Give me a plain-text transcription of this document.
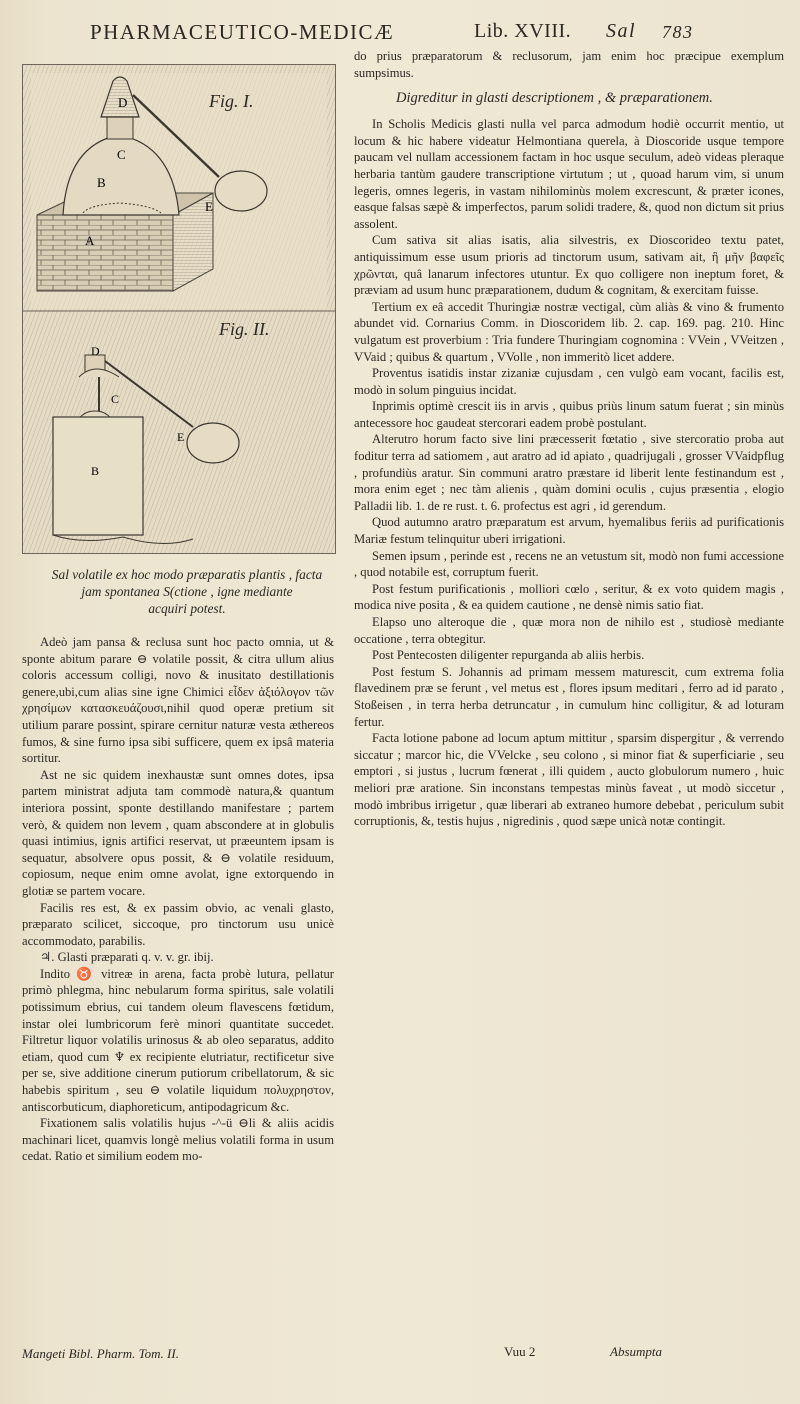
PHARMACEUTICO-MEDICÆ	Lib. XVIII. Sal 783
Fig. I.
D
C
B
E
A
Fig. II.
D
C
B
E

Sal volatile ex hoc modo præparatis plantis , facta

jam spontanea S(ctione , igne mediante

acquiri potest.

Adeò jam pansa & reclusa sunt hoc pacto omnia, ut & sponte abitum parare ⊖ volatile possit, & citra ullum alius coloris accessum colligi, novo & inusitato destillationis genere,ubi,cum alias sine igne Chimici εἶδεν ἀξιόλογον τῶν χρησίμων κατασκευάζουσι,nihil quod operæ pretium sit utilium parare possint, spirare cernitur naturæ vesta æthereos fumos, & sine furno ipsa sibi sufficere, quem ex ipsâ materia sortitur.

Ast ne sic quidem inexhaustæ sunt omnes dotes, ipsa partem ministrat adjuta tam commodè natura,& quantum interiora possint, sponte destillando manifestare ; partem verò, & quidem non levem , quam abscondere at in globulis quasi intimius, ignis artifici reservat, ut præeuntem ipsam is sequatur, absolvere opus possit, & ⊖ volatile residuum, copiosum, neque enim omne avolat, igne extorquendo in glotiæ se partem vocare.

Facilis res est, & ex passim obvio, ac venali glasto, præparato scilicet, siccoque, pro tinctorum usu unicè accommodato, parabilis.

♃. Glasti præparati q. v. v. gr. ibij.

Indito ♉ vitreæ in arena, facta probè lutura, pellatur primò phlegma, hinc nebularum forma spiritus, sale volatili potissimum ebrius, cui tandem oleum flavescens fœtidum, instar olei lumbricorum ferè minori quantitate succedet. Filtretur liquor volatilis urinosus & ab oleo separatus, addito etiam, quod cum ♆ ex recipiente elutriatur, rectificetur sive per se, sive additione cinerum putiorum cribellatorum, & sic habebis spiritum , seu ⊖ volatile liquidum πολυχρηστον, antiscorbuticum, diaphoreticum, antipodagricum &c.

Fixationem salis volatilis hujus -^-ü ⊖li & aliis acidis machinari licet, quamvis longè melius volatili forma in usum cedat. Ratio et similium eodem mo-

do prius præparatorum & reclusorum, jam enim hoc præcipue exemplum sumpsimus.

Digreditur in glasti descriptionem , & præparationem.

In Scholis Medicis glasti nulla vel parca admodum hodiè occurrit mentio, ut locum & hic habere videatur Helmontiana querela, à Dioscoride usque tempore paucam vel nullam accessionem factam in hoc usque seculum, adeò videas pleraque herbaria tantùm gaudere transcriptione virtutum ; ut , quoad harum vim, si unum legeris, omnes legeris, in vastam nihilominùs molem excrescunt, & præter icones, easque falsas sæpè & imperfectos, parum solidi tradere, &, quod non dictum sit prius assolent.

Cum sativa sit alias isatis, alia silvestris, ex Dioscorideo textu patet, antiquissimum esse usum prioris ad tinctorum usum, sativam ait, ἣ μῆν βαφεῖς χρῶνται, quâ lanarum infectores utuntur. Ex quo colligere non ineptum foret, & præviam ad usum hunc præparationem, dudum & cognitam, & exercitam fuisse.

Tertium ex eâ accedit Thuringiæ nostræ vectigal, cùm aliàs & vino & frumento abundet vid. Cornarius Comm. in Dioscoridem lib. 2. cap. 169. pag. 210. Hinc vulgatum est proverbium : Tria fundere Thuringiam cognomina : VVein , VVeitzen , VVaid ; quibus & quartum , VVolle , non immeritò licet addere.

Proventus isatidis instar zizaniæ cujusdam , cen vulgò eam vocant, facilis est, modò in solum pinguius incidat.

Inprimis optimè crescit iis in arvis , quibus priùs linum satum fuerat ; sin minùs antecessore hoc gaudeat stercorari eadem probè postulant.

Alterutro horum facto sive lini præcesserit fœtatio , sive stercoratio proba aut foditur terra ad satiomem , aut aratro ad id apiato , quadrijugali , grosser VVaidpflug , profundiùs aratur. Sin communi aratro præstare id liberit lente festinandum est , mora enim eget ; nec tàm alienis , quàm domini oculis , cujus præsentia , elogio Palladii lib. 1. de re rust. t. 6. profectus est agri , id gerendum.

Quod autumno aratro præparatum est arvum, hyemalibus feriis ad purificationis Mariæ festum telinquitur uberi irrigationi.

Semen ipsum , perinde est , recens ne an vetustum sit, modò non fumi accessione , quod notabile est, corruptum fuerit.

Post festum purificationis , molliori cœlo , seritur, & ex voto quidem magis , modica nive posita , & ea quidem cautione , ne densè nimis satio fiat.

Elapso uno alteroque die , quæ mora non de nihilo est , studiosè mediante occatione , terra obtegitur.

Post Pentecosten diligenter repurganda ab aliis herbis.

Post festum S. Johannis ad primam messem maturescit, cum extrema folia flavedinem præ se ferunt , vel metus est , flores ipsum meditari , ferro ad id parato , Stoßeisen , in terra herba detruncatur , in cumulum hinc colligitur, & ad loturam fertur.

Facta lotione pabone ad locum aptum mittitur , sparsim dispergitur , & verrendo siccatur ; marcor hic, die VVelcke , seu colono , si minor fiat & superficiarie , seu emptori , si justus , lucrum fœnerat , illi quidem , aucto globulorum numero , huic meliori præ aratione. Sin inconstans tempestas minùs faveat , ut modò siccetur , modò imbribus irrigetur , quæ liberari ab extraneo humore debebat , periculum subit corruptionis, &, testis hujus , nigredinis , quod sæpe unicà notæ contingit.

Mangeti Bibl. Pharm. Tom. II.	Vuu 2	Absumpta
